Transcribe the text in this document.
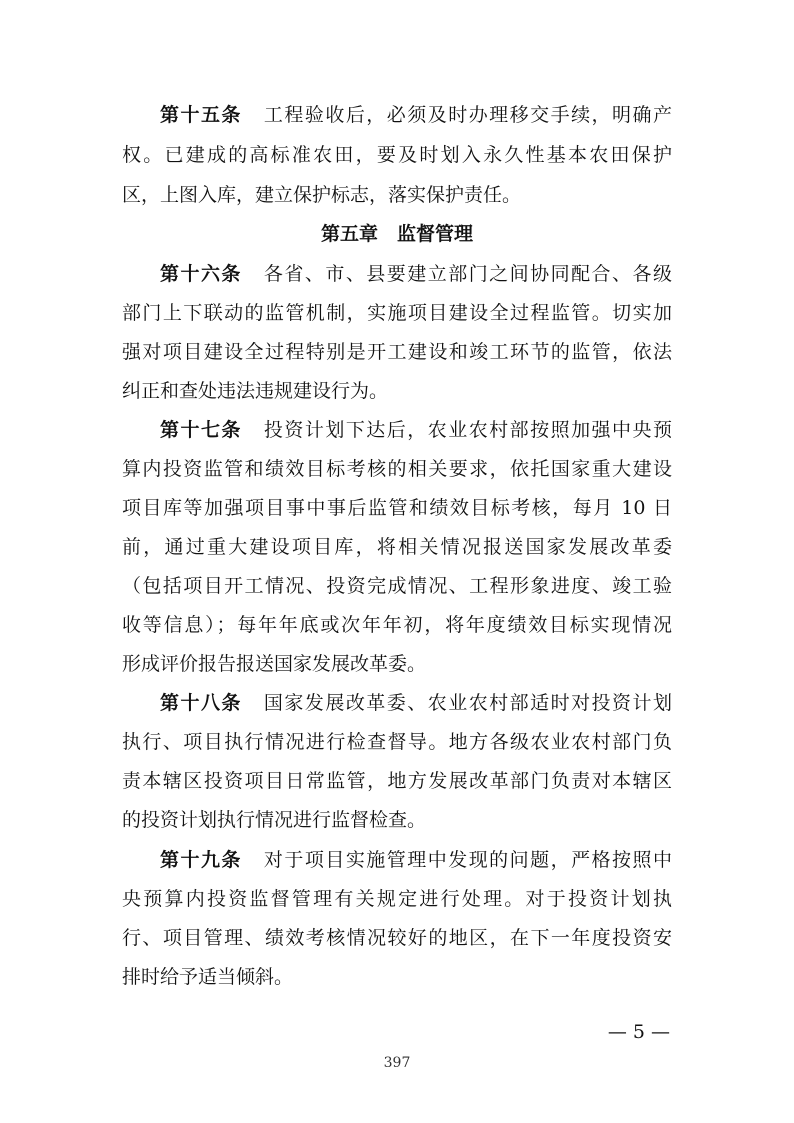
第十五条 工程验收后，必须及时办理移交手续，明确产
权。已建成的高标准农田，要及时划入永久性基本农田保护
区，上图入库，建立保护标志，落实保护责任。
第五章　监督管理
第十六条 各省、市、县要建立部门之间协同配合、各级
部门上下联动的监管机制，实施项目建设全过程监管。切实加
强对项目建设全过程特别是开工建设和竣工环节的监管，依法
纠正和查处违法违规建设行为。
第十七条 投资计划下达后，农业农村部按照加强中央预
算内投资监管和绩效目标考核的相关要求，依托国家重大建设
项目库等加强项目事中事后监管和绩效目标考核，每月 10 日
前，通过重大建设项目库，将相关情况报送国家发展改革委
（包括项目开工情况、投资完成情况、工程形象进度、竣工验
收等信息）；每年年底或次年年初，将年度绩效目标实现情况
形成评价报告报送国家发展改革委。
第十八条 国家发展改革委、农业农村部适时对投资计划
执行、项目执行情况进行检查督导。地方各级农业农村部门负
责本辖区投资项目日常监管，地方发展改革部门负责对本辖区
的投资计划执行情况进行监督检查。
第十九条 对于项目实施管理中发现的问题，严格按照中
央预算内投资监督管理有关规定进行处理。对于投资计划执
行、项目管理、绩效考核情况较好的地区，在下一年度投资安
排时给予适当倾斜。
— 5 —
397
